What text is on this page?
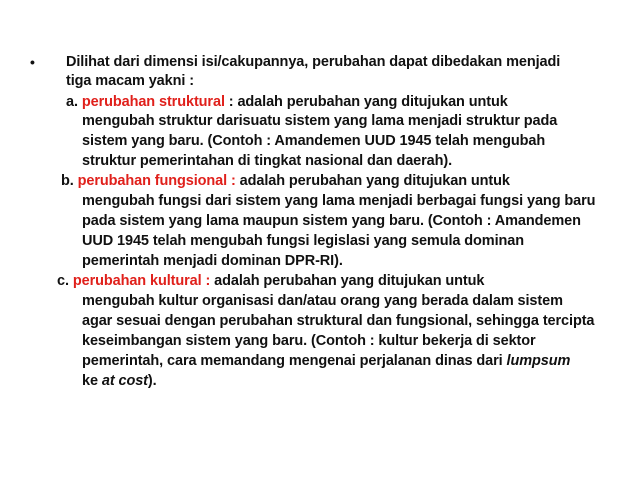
• Dilihat dari dimensi isi/cakupannya, perubahan dapat dibedakan menjadi
tiga macam yakni :
a. perubahan struktural : adalah perubahan yang ditujukan untuk
mengubah struktur darisuatu sistem yang lama menjadi struktur pada
sistem yang baru. (Contoh : Amandemen UUD 1945 telah mengubah
struktur pemerintahan di tingkat nasional dan daerah).
b. perubahan fungsional : adalah perubahan yang ditujukan untuk
mengubah fungsi dari sistem yang lama menjadi berbagai fungsi yang baru
pada sistem yang lama maupun sistem yang baru. (Contoh : Amandemen
UUD 1945 telah mengubah fungsi legislasi yang semula dominan
pemerintah menjadi dominan DPR-RI).
c. perubahan kultural : adalah perubahan yang ditujukan untuk
mengubah kultur organisasi dan/atau orang yang berada dalam sistem
agar sesuai dengan perubahan struktural dan fungsional, sehingga tercipta
keseimbangan sistem yang baru. (Contoh : kultur bekerja di sektor
pemerintah, cara memandang mengenai perjalanan dinas dari lumpsum
ke at cost).
